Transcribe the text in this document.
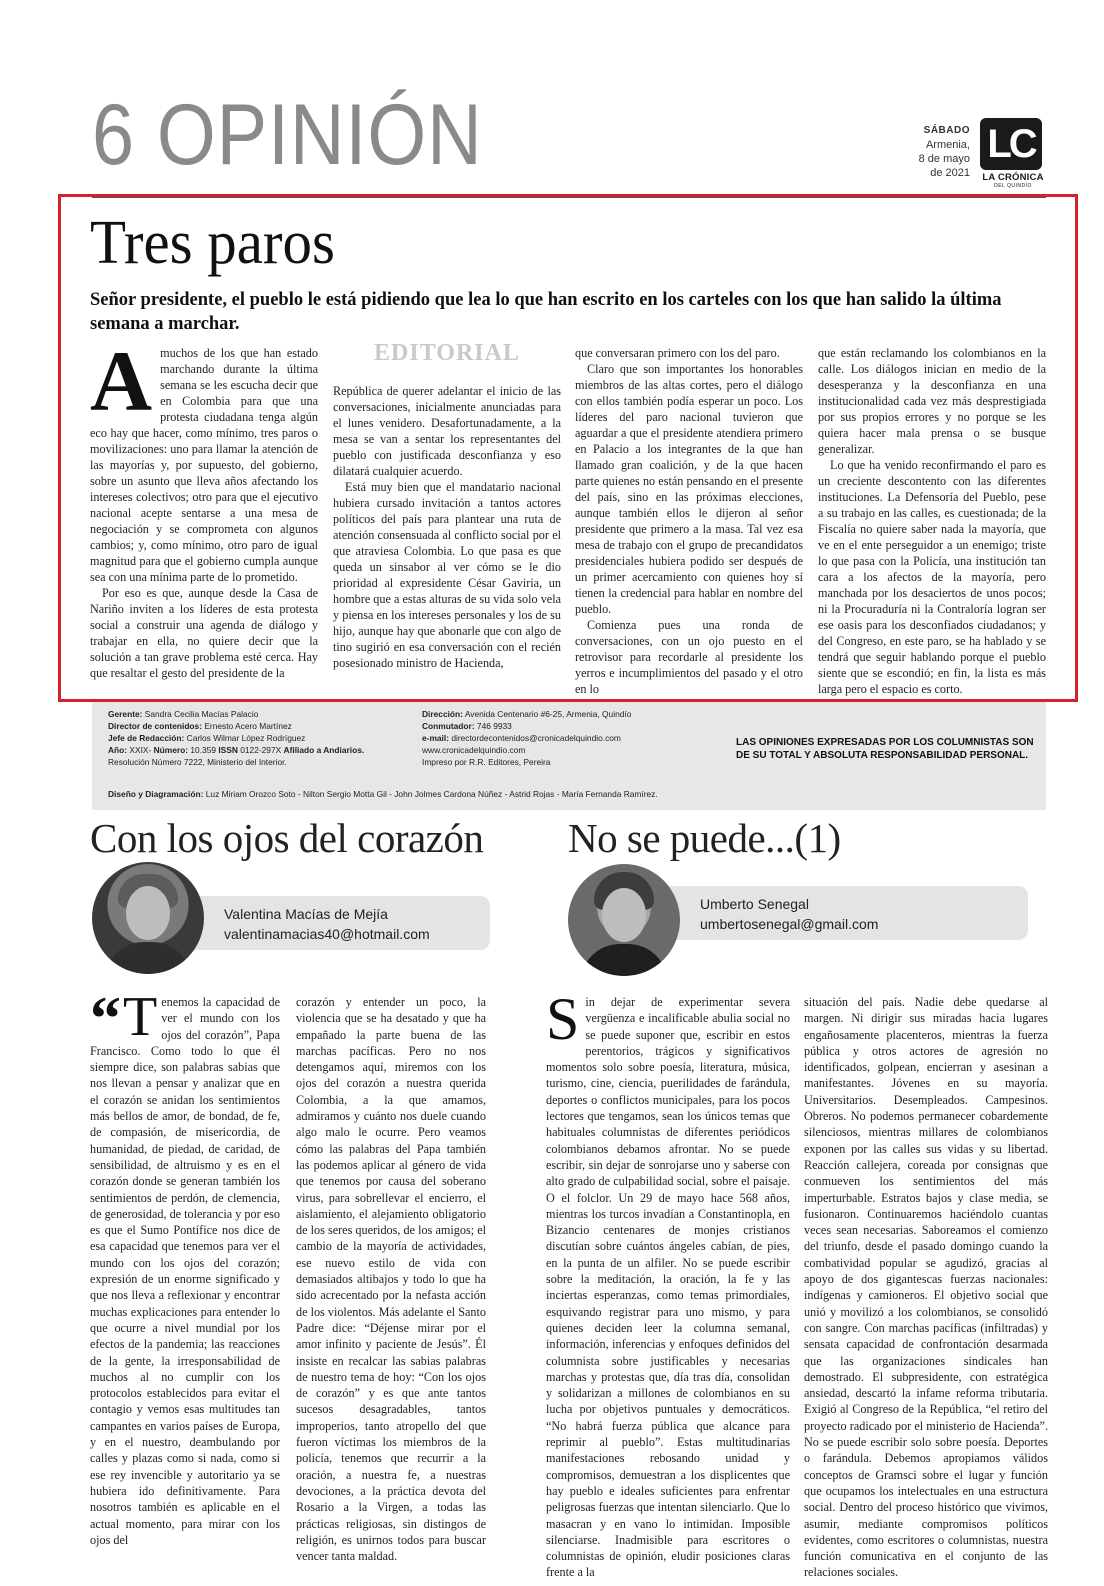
6 OPINIÓN	SÁBADO
Armenia,
8 de mayo
de 2021
LC
LA CRÓNICA
DEL QUINDÍO
Tres paros
Señor presidente, el pueblo le está pidiendo que lea lo que han escrito en los carteles con los que han salido la última semana a marchar.

Amuchos de los que han estado marchando durante la última semana se les escucha decir que en Colombia para que una protesta ciudadana tenga algún eco hay que hacer, como mínimo, tres paros o movilizaciones: uno para llamar la atención de las mayorías y, por supuesto, del gobierno, sobre un asunto que lleva años afectando los intereses colectivos; otro para que el ejecutivo nacional acepte sentarse a una mesa de negociación y se comprometa con algunos cambios; y, como mínimo, otro paro de igual magnitud para que el gobierno cumpla aunque sea con una mínima parte de lo prometido.

Por eso es que, aunque desde la Casa de Nariño inviten a los líderes de esta protesta social a construir una agenda de diálogo y trabajar en ella, no quiere decir que la solución a tan grave problema esté cerca. Hay que resaltar el gesto del presidente de la

EDITORIAL

República de querer adelantar el inicio de las conversaciones, inicialmente anunciadas para el lunes venidero. Desafortunadamente, a la mesa se van a sentar los representantes del pueblo con justificada desconfianza y eso dilatará cualquier acuerdo.

Está muy bien que el mandatario nacional hubiera cursado invitación a tantos actores políticos del país para plantear una ruta de atención consensuada al conflicto social por el que atraviesa Colombia. Lo que pasa es que queda un sinsabor al ver cómo se le dio prioridad al expresidente César Gaviria, un hombre que a estas alturas de su vida solo vela y piensa en los intereses personales y los de su hijo, aunque hay que abonarle que con algo de tino sugirió en esa conversación con el recién posesionado ministro de Hacienda,

que conversaran primero con los del paro.

Claro que son importantes los honorables miembros de las altas cortes, pero el diálogo con ellos también podía esperar un poco. Los líderes del paro nacional tuvieron que aguardar a que el presidente atendiera primero en Palacio a los integrantes de la que han llamado gran coalición, y de la que hacen parte quienes no están pensando en el presente del país, sino en las próximas elecciones, aunque también ellos le dijeron al señor presidente que primero a la masa. Tal vez esa mesa de trabajo con el grupo de precandidatos presidenciales hubiera podido ser después de un primer acercamiento con quienes hoy sí tienen la credencial para hablar en nombre del pueblo.

Comienza pues una ronda de conversaciones, con un ojo puesto en el retrovisor para recordarle al presidente los yerros e incumplimientos del pasado y el otro en lo

que están reclamando los colombianos en la calle. Los diálogos inician en medio de la desesperanza y la desconfianza en una institucionalidad cada vez más desprestigiada por sus propios errores y no porque se les quiera hacer mala prensa o se busque generalizar.

Lo que ha venido reconfirmando el paro es un creciente descontento con las diferentes instituciones. La Defensoría del Pueblo, pese a su trabajo en las calles, es cuestionada; de la Fiscalía no quiere saber nada la mayoría, que ve en el ente perseguidor a un enemigo; triste lo que pasa con la Policía, una institución tan cara a los afectos de la mayoría, pero manchada por los desaciertos de unos pocos; ni la Procuraduría ni la Contraloría logran ser ese oasis para los desconfiados ciudadanos; y del Congreso, en este paro, se ha hablado y se tendrá que seguir hablando porque el pueblo siente que se escondió; en fin, la lista es más larga pero el espacio es corto.

Gerente: Sandra Cecilia Macías Palacio
Director de contenidos: Ernesto Acero Martínez
Jefe de Redacción: Carlos Wilmar López Rodríguez
Año: XXIX- Número: 10.359 ISSN 0122-297X Afiliado a Andiarios.
Resolución Número 7222, Ministerio del Interior.
Dirección: Avenida Centenario #6-25, Armenia, Quindío
Conmutador: 746 9933
e-mail: directordecontenidos@cronicadelquindio.com
www.cronicadelquindio.com
Impreso por R.R. Editores, Pereira
LAS OPINIONES EXPRESADAS POR LOS COLUMNISTAS SON DE SU TOTAL Y ABSOLUTA RESPONSABILIDAD PERSONAL.
Diseño y Diagramación: Luz Miriam Orozco Soto - Nilton Sergio Motta Gil - John Jolmes Cardona Núñez - Astrid Rojas - María Fernanda Ramírez.
Con los ojos del corazón
Valentina Macías de Mejía
valentinamacias40@hotmail.com

“ T enemos la capacidad de ver el mundo con los ojos del corazón”, Papa Francisco. Como todo lo que él siempre dice, son palabras sabias que nos llevan a pensar y analizar que en el corazón se anidan los sentimientos más bellos de amor, de bondad, de fe, de compasión, de misericordia, de humanidad, de piedad, de caridad, de sensibilidad, de altruismo y es en el corazón donde se generan también los sentimientos de perdón, de clemencia, de generosidad, de tolerancia y por eso es que el Sumo Pontífice nos dice de esa capacidad que tenemos para ver el mundo con los ojos del corazón; expresión de un enorme significado y que nos lleva a reflexionar y encontrar muchas explicaciones para entender lo que ocurre a nivel mundial por los efectos de la pandemia; las reacciones de la gente, la irresponsabilidad de muchos al no cumplir con los protocolos establecidos para evitar el contagio y vemos esas multitudes tan campantes en varios países de Europa, y en el nuestro, deambulando por calles y plazas como si nada, como si ese rey invencible y autoritario ya se hubiera ido definitivamente. Para nosotros también es aplicable en el actual momento, para mirar con los ojos del

corazón y entender un poco, la violencia que se ha desatado y que ha empañado la parte buena de las marchas pacíficas. Pero no nos detengamos aquí, miremos con los ojos del corazón a nuestra querida Colombia, a la que amamos, admiramos y cuánto nos duele cuando algo malo le ocurre. Pero veamos cómo las palabras del Papa también las podemos aplicar al género de vida que tenemos por causa del soberano virus, para sobrellevar el encierro, el aislamiento, el alejamiento obligatorio de los seres queridos, de los amigos; el cambio de la mayoría de actividades, ese nuevo estilo de vida con demasiados altibajos y todo lo que ha sido acrecentado por la nefasta acción de los violentos. Más adelante el Santo Padre dice: “Déjense mirar por el amor infinito y paciente de Jesús”. Él insiste en recalcar las sabias palabras de nuestro tema de hoy: “Con los ojos de corazón” y es que ante tantos sucesos desagradables, tantos improperios, tanto atropello del que fueron víctimas los miembros de la policía, tenemos que recurrir a la oración, a nuestra fe, a nuestras devociones, a la práctica devota del Rosario a la Virgen, a todas las prácticas religiosas, sin distingos de religión, es unirnos todos para buscar vencer tanta maldad.

No se puede...(1)
Umberto Senegal
umbertosenegal@gmail.com

Sin dejar de experimentar severa vergüenza e incalificable abulia social no se puede suponer que, escribir en estos perentorios, trágicos y significativos momentos solo sobre poesía, literatura, música, turismo, cine, ciencia, puerilidades de farándula, deportes o conflictos municipales, para los pocos lectores que tengamos, sean los únicos temas que habituales columnistas de diferentes periódicos colombianos debamos afrontar. No se puede escribir, sin dejar de sonrojarse uno y saberse con alto grado de culpabilidad social, sobre el paisaje. O el folclor. Un 29 de mayo hace 568 años, mientras los turcos invadían a Constantinopla, en Bizancio centenares de monjes cristianos discutían sobre cuántos ángeles cabían, de pies, en la punta de un alfiler. No se puede escribir sobre la meditación, la oración, la fe y las inciertas esperanzas, como temas primordiales, esquivando registrar para uno mismo, y para quienes deciden leer la columna semanal, información, inferencias y enfoques definidos del columnista sobre justificables y necesarias marchas y protestas que, día tras día, consolidan y solidarizan a millones de colombianos en su lucha por objetivos puntuales y democráticos. “No habrá fuerza pública que alcance para reprimir al pueblo”. Estas multitudinarias manifestaciones rebosando unidad y compromisos, demuestran a los displicentes que hay pueblo e ideales suficientes para enfrentar peligrosas fuerzas que intentan silenciarlo. Que lo masacran y en vano lo intimidan. Imposible silenciarse. Inadmisible para escritores o columnistas de opinión, eludir posiciones claras frente a la

situación del país. Nadie debe quedarse al margen. Ni dirigir sus miradas hacia lugares engañosamente placenteros, mientras la fuerza pública y otros actores de agresión no identificados, golpean, encierran y asesinan a manifestantes. Jóvenes en su mayoría. Universitarios. Desempleados. Campesinos. Obreros. No podemos permanecer cobardemente silenciosos, mientras millares de colombianos exponen por las calles sus vidas y su libertad. Reacción callejera, coreada por consignas que conmueven los sentimientos del más imperturbable. Estratos bajos y clase media, se fusionaron. Continuaremos haciéndolo cuantas veces sean necesarias. Saboreamos el comienzo del triunfo, desde el pasado domingo cuando la combatividad popular se agudizó, gracias al apoyo de dos gigantescas fuerzas nacionales: indígenas y camioneros. El objetivo social que unió y movilizó a los colombianos, se consolidó con sangre. Con marchas pacíficas (infiltradas) y sensata capacidad de confrontación desarmada que las organizaciones sindicales han demostrado. El subpresidente, con estratégica ansiedad, descartó la infame reforma tributaria. Exigió al Congreso de la República, “el retiro del proyecto radicado por el ministerio de Hacienda”. No se puede escribir solo sobre poesía. Deportes o farándula. Debemos apropiamos válidos conceptos de Gramsci sobre el lugar y función que ocupamos los intelectuales en una estructura social. Dentro del proceso histórico que vivimos, asumir, mediante compromisos políticos evidentes, como escritores o columnistas, nuestra función comunicativa en el conjunto de las relaciones sociales.
